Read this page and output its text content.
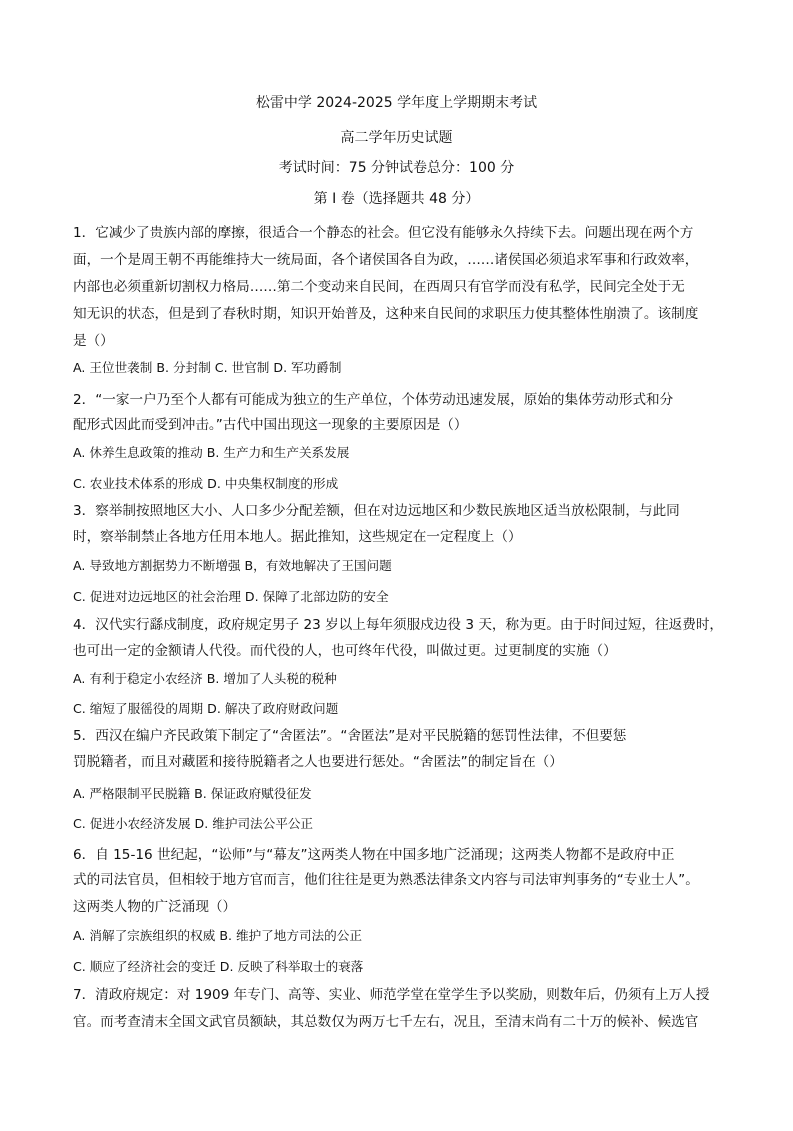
松雷中学 2024-2025 学年度上学期期末考试
高二学年历史试题
考试时间：75 分钟试卷总分：100 分
第 I 卷（选择题共 48 分）
1．它减少了贵族内部的摩擦，很适合一个静态的社会。但它没有能够永久持续下去。问题出现在两个方
面，一个是周王朝不再能维持大一统局面，各个诸侯国各自为政，……诸侯国必须追求军事和行政效率，
内部也必须重新切割权力格局……第二个变动来自民间，在西周只有官学而没有私学，民间完全处于无
知无识的状态，但是到了春秋时期，知识开始普及，这种来自民间的求职压力使其整体性崩溃了。该制度
是（）
A. 王位世袭制 B. 分封制 C. 世官制 D. 军功爵制
2．“一家一户乃至个人都有可能成为独立的生产单位，个体劳动迅速发展，原始的集体劳动形式和分
配形式因此而受到冲击。”古代中国出现这一现象的主要原因是（）
A. 休养生息政策的推动 B. 生产力和生产关系发展
C. 农业技术体系的形成 D. 中央集权制度的形成
3．察举制按照地区大小、人口多少分配差额，但在对边远地区和少数民族地区适当放松限制，与此同
时，察举制禁止各地方任用本地人。据此推知，这些规定在一定程度上（）
A. 导致地方割据势力不断增强 B，有效地解决了王国问题
C. 促进对边远地区的社会治理 D. 保障了北部边防的安全
4．汉代实行繇戍制度，政府规定男子 23 岁以上每年须服戍边役 3 天，称为更。由于时间过短，往返费时，
也可出一定的金额请人代役。而代役的人，也可终年代役，叫做过更。过更制度的实施（）
A. 有利于稳定小农经济 B. 增加了人头税的税种
C. 缩短了服徭役的周期 D. 解决了政府财政问题
5．西汉在编户齐民政策下制定了“舍匿法”。“舍匿法”是对平民脱籍的惩罚性法律，不但要惩
罚脱籍者，而且对藏匿和接待脱籍者之人也要进行惩处。“舍匿法”的制定旨在（）
A. 严格限制平民脱籍 B. 保证政府赋役征发
C. 促进小农经济发展 D. 维护司法公平公正
6．自 15-16 世纪起，“讼师”与“幕友”这两类人物在中国多地广泛涌现；这两类人物都不是政府中正
式的司法官员，但相较于地方官而言，他们往往是更为熟悉法律条文内容与司法审判事务的“专业士人”。
这两类人物的广泛涌现（）
A. 消解了宗族组织的权威 B. 维护了地方司法的公正
C. 顺应了经济社会的变迁 D. 反映了科举取士的衰落
7．清政府规定：对 1909 年专门、高等、实业、师范学堂在堂学生予以奖励，则数年后，仍须有上万人授
官。而考查清末全国文武官员额缺，其总数仅为两万七千左右，况且，至清末尚有二十万的候补、候选官
